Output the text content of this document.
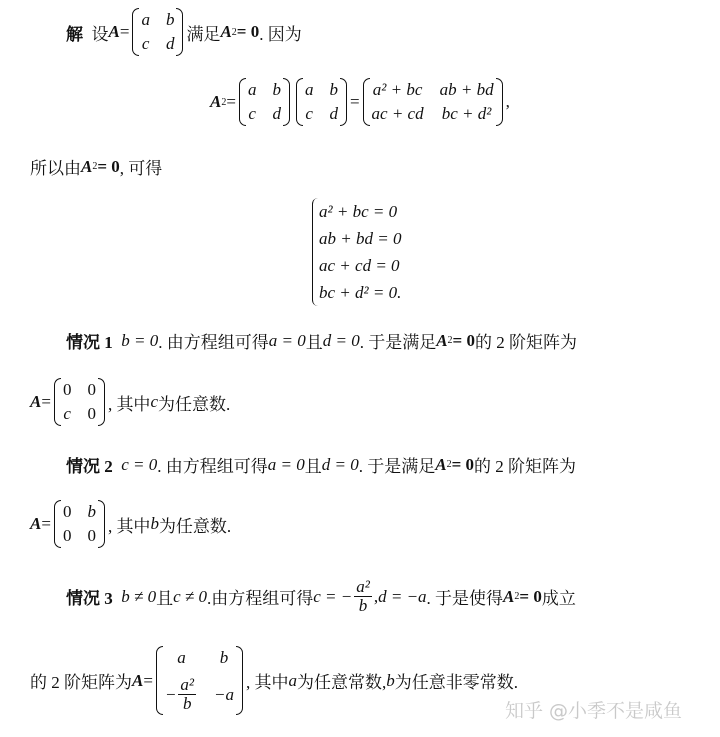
解
设 A =
a b
c d 满足 A 2 = 0 . 因为
A 2 =
a b
c d
a b
c d
=
a² + bc ab + bd
ac + cd bc + d²
,
所以由 A 2 = 0 , 可得
a² + bc = 0
ab + bd = 0
ac + cd = 0
bc + d² = 0.
情况 1
b = 0 . 由方程组可得 a = 0 且 d = 0 . 于是满足 A 2 = 0 的 2 阶矩阵为
A =
0 0
c 0 , 其中 c 为任意数.
情况 2
c = 0 . 由方程组可得 a = 0 且 d = 0 . 于是满足 A 2 = 0 的 2 阶矩阵为
A =
0 b
0 0 , 其中 b 为任意数.
情况 3
b ≠ 0 且 c ≠ 0 .由方程组可得 c = − $\frac{\text{a²}}{b}$ , d = −a . 于是使得 A 2 = 0 成立
的 2 阶矩阵为 A =
a	b
− $\frac{\text{a²}}{b} -a$
, 其中 a 为任意常数, b 为任意非零常数.
知乎 @小季不是咸鱼
